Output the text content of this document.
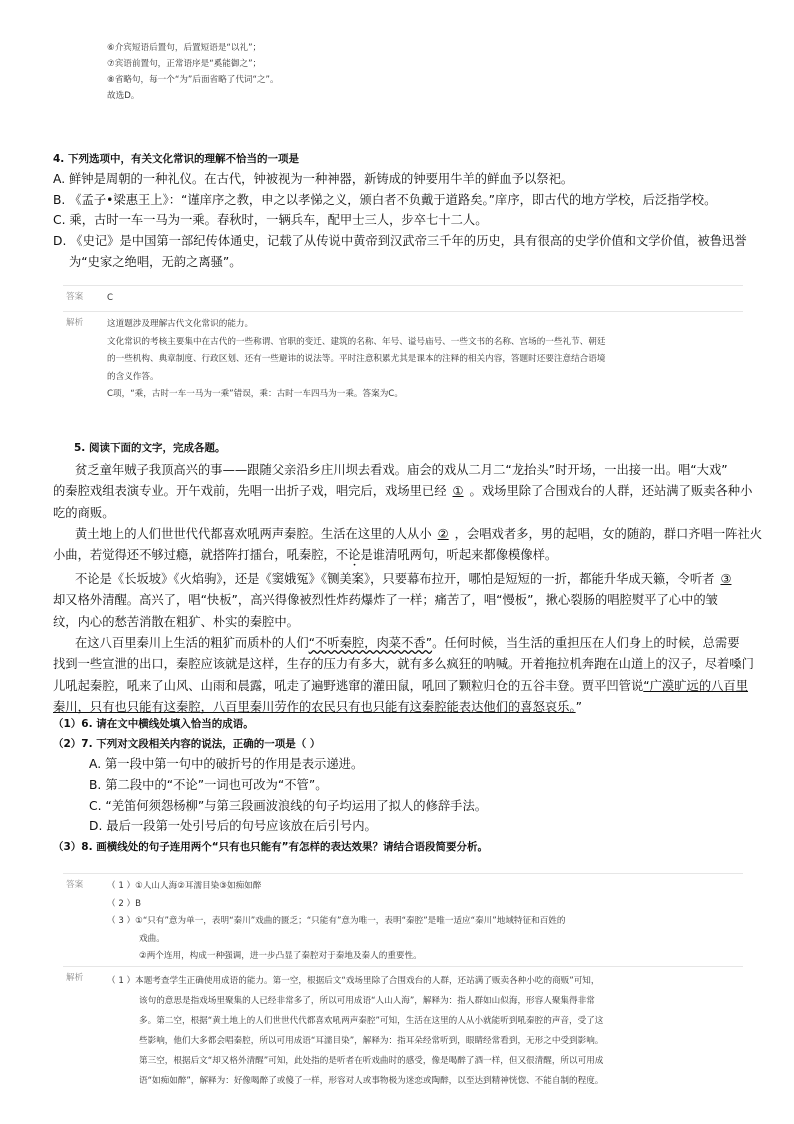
⑥介宾短语后置句，后置短语是“以礼”；
⑦宾语前置句，正常语序是“奚能御之”；
⑧省略句，每一个“为”后面省略了代词“之”。
故选D。
4. 下列选项中，有关文化常识的理解不恰当的一项是
A. 鲜钟是周朝的一种礼仪。在古代，钟被视为一种神器，新铸成的钟要用牛羊的鲜血予以祭祀。
B. 《孟子•梁惠王上》：“谨庠序之教，申之以孝悌之义，颁白者不负戴于道路矣。”庠序，即古代的地方学校，后泛指学校。
C. 乘，古时一车一马为一乘。春秋时，一辆兵车，配甲士三人，步卒七十二人。
D. 《史记》是中国第一部纪传体通史，记载了从传说中黄帝到汉武帝三千年的历史，具有很高的史学价值和文学价值，被鲁迅誉
为“史家之绝唱，无韵之离骚”。
答案	C
解析	这道题涉及理解古代文化常识的能力。
文化常识的考核主要集中在古代的一些称谓、官职的变迁、建筑的名称、年号、谥号庙号、一些文书的名称、宫场的一些礼节、朝廷
的一些机构、典章制度、行政区划、还有一些避讳的说法等。平时注意积累尤其是课本的注释的相关内容，答题时还要注意结合语境
的含义作答。
C项，“乘，古时一车一马为一乘”错误，乘：古时一车四马为一乘。答案为C。
5. 阅读下面的文字，完成各题。
贫乏童年贼子我顶高兴的事——跟随父亲沿乡庄川坝去看戏。庙会的戏从二月二“龙抬头”时开场，一出接一出。唱“大戏”
的秦腔戏组表演专业。开午戏前，先唱一出折子戏，唱完后，戏场里已经 ① 。戏场里除了合围戏台的人群，还站满了贩卖各种小
吃的商贩。
黄土地上的人们世世代代都喜欢吼两声秦腔。生活在这里的人从小 ② ，会唱戏者多，男的起唱，女的随韵，群口齐唱一阵社火
小曲，若觉得还不够过瘾，就搭阵打擂台，吼秦腔，不论是谁清吼两句，听起来都像模像样。
不论是《长坂坡》《火焰驹》，还是《窦娥冤》《铡美案》，只要幕布拉开，哪怕是短短的一折，都能升华成天籁，令听者 ③
却又格外清醒。高兴了，唱“快板”，高兴得像被烈性炸药爆炸了一样；痛苦了，唱“慢板”，揪心裂肠的唱腔熨平了心中的皱
纹，内心的愁苦消散在粗犷、朴实的秦腔中。
在这八百里秦川上生活的粗犷而质朴的人们“不听秦腔，肉菜不香”。任何时候，当生活的重担压在人们身上的时候，总需要
找到一些宣泄的出口，秦腔应该就是这样，生存的压力有多大，就有多么疯狂的呐喊。开着拖拉机奔跑在山道上的汉子，尽着嗓门
儿吼起秦腔，吼来了山风、山雨和晨露，吼走了遍野逃窜的灌田鼠，吼回了颗粒归仓的五谷丰登。贾平凹管说“广漠旷远的八百里
秦川，只有也只能有这秦腔，八百里秦川劳作的农民只有也只能有这秦腔能表达他们的喜怒哀乐。”
（1）6. 请在文中横线处填入恰当的成语。
（2）7. 下列对文段相关内容的说法，正确的一项是（ ）
A. 第一段中第一句中的破折号的作用是表示递进。
B. 第二段中的“不论”一词也可改为“不管”。
C. “羌笛何须怨杨柳”与第三段画波浪线的句子均运用了拟人的修辞手法。
D. 最后一段第一处引号后的句号应该放在后引号内。
（3）8. 画横线处的句子连用两个“只有也只能有”有怎样的表达效果？请结合语段简要分析。
答案	（ 1 ）①人山人海②耳濡目染③如痴如醉
（ 2 ）B
（ 3 ）①“只有”意为单一，表明“秦川”戏曲的匮乏；“只能有”意为唯一，表明“秦腔”是唯一适应“秦川”地域特征和百姓的
戏曲。
②两个连用，构成一种强调，进一步凸显了秦腔对于秦地及秦人的重要性。
解析	（ 1 ）本题考查学生正确使用成语的能力。第一空，根据后文“戏场里除了合围戏台的人群，还站满了贩卖各种小吃的商贩”可知，
该句的意思是指戏场里聚集的人已经非常多了，所以可用成语“人山人海”，解释为：指人群如山似海，形容人聚集得非常
多。第二空，根据“黄土地上的人们世世代代都喜欢吼两声秦腔”可知，生活在这里的人从小就能听到吼秦腔的声音，受了这
些影响，他们大多都会唱秦腔，所以可用成语“耳濡目染”，解释为：指耳朵经常听到，眼睛经常看到，无形之中受到影响。
第三空，根据后文“却又格外清醒”可知，此处指的是听者在听戏曲时的感受，像是喝醉了酒一样，但又很清醒，所以可用成
语“如痴如醉”，解释为：好像喝醉了或傻了一样，形容对人或事物极为迷恋或陶醉，以至达到精神恍惚、不能自制的程度。
